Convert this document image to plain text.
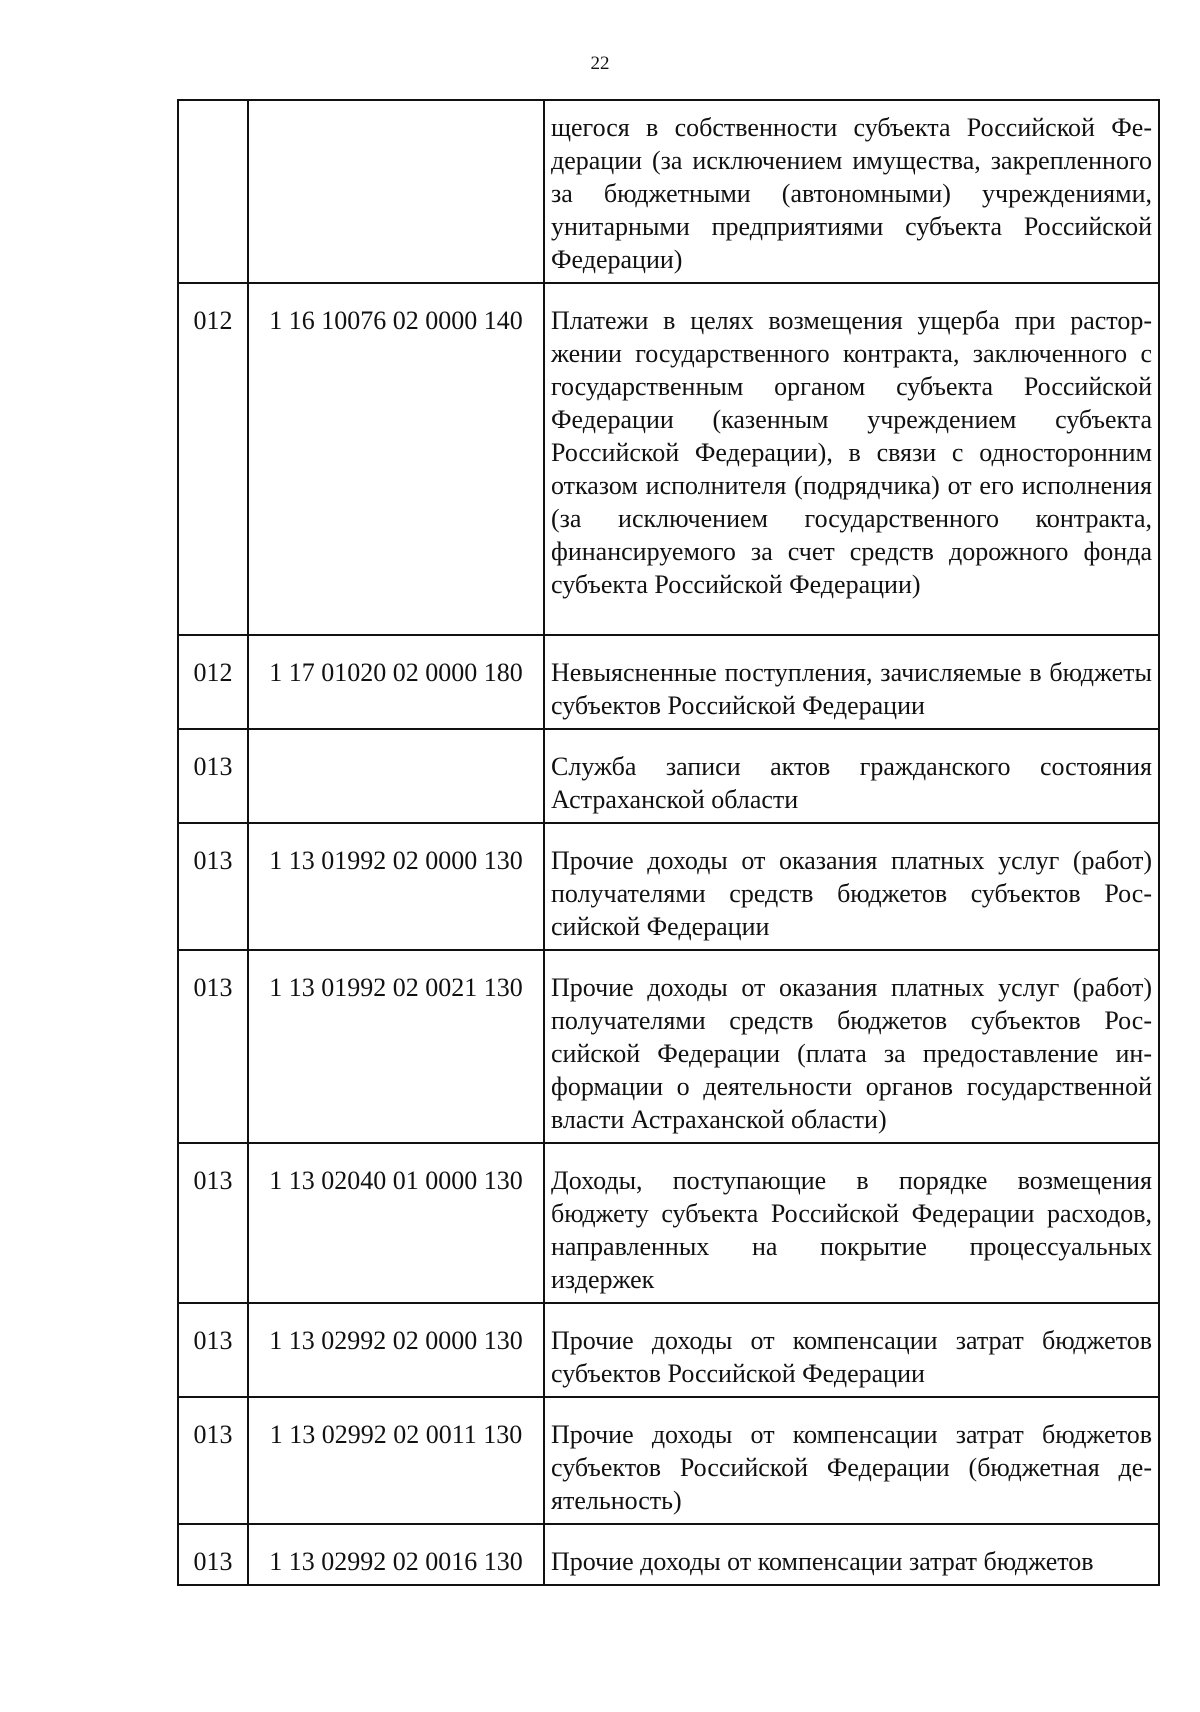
22
		щегося в собственности субъекта Российской Федерации (за исключением имущества, закрепленного за бюджетными (автономными) учреждениями, унитарными предприятиями субъекта Российской Федерации)
012	1 16 10076 02 0000 140	Платежи в целях возмещения ущерба при расторжении государственного контракта, заключенного с государственным органом субъекта Российской Федерации (казенным учреждением субъекта Российской Федерации), в связи с односторонним отказом исполнителя (подрядчика) от его исполнения (за исключением государственного контракта, финансируемого за счет средств дорожного фонда субъекта Российской Федерации)
012	1 17 01020 02 0000 180	Невыясненные поступления, зачисляемые в бюджеты субъектов Российской Федерации
013		Служба записи актов гражданского состояния Астраханской области
013	1 13 01992 02 0000 130	Прочие доходы от оказания платных услуг (работ) получателями средств бюджетов субъектов Российской Федерации
013	1 13 01992 02 0021 130	Прочие доходы от оказания платных услуг (работ) получателями средств бюджетов субъектов Российской Федерации (плата за предоставление информации о деятельности органов государственной власти Астраханской области)
013	1 13 02040 01 0000 130	Доходы, поступающие в порядке возмещения бюджету субъекта Российской Федерации расходов, направленных на покрытие процессуальных издержек
013	1 13 02992 02 0000 130	Прочие доходы от компенсации затрат бюджетов субъектов Российской Федерации
013	1 13 02992 02 0011 130	Прочие доходы от компенсации затрат бюджетов субъектов Российской Федерации (бюджетная деятельность)
013	1 13 02992 02 0016 130	Прочие доходы от компенсации затрат бюджетов
